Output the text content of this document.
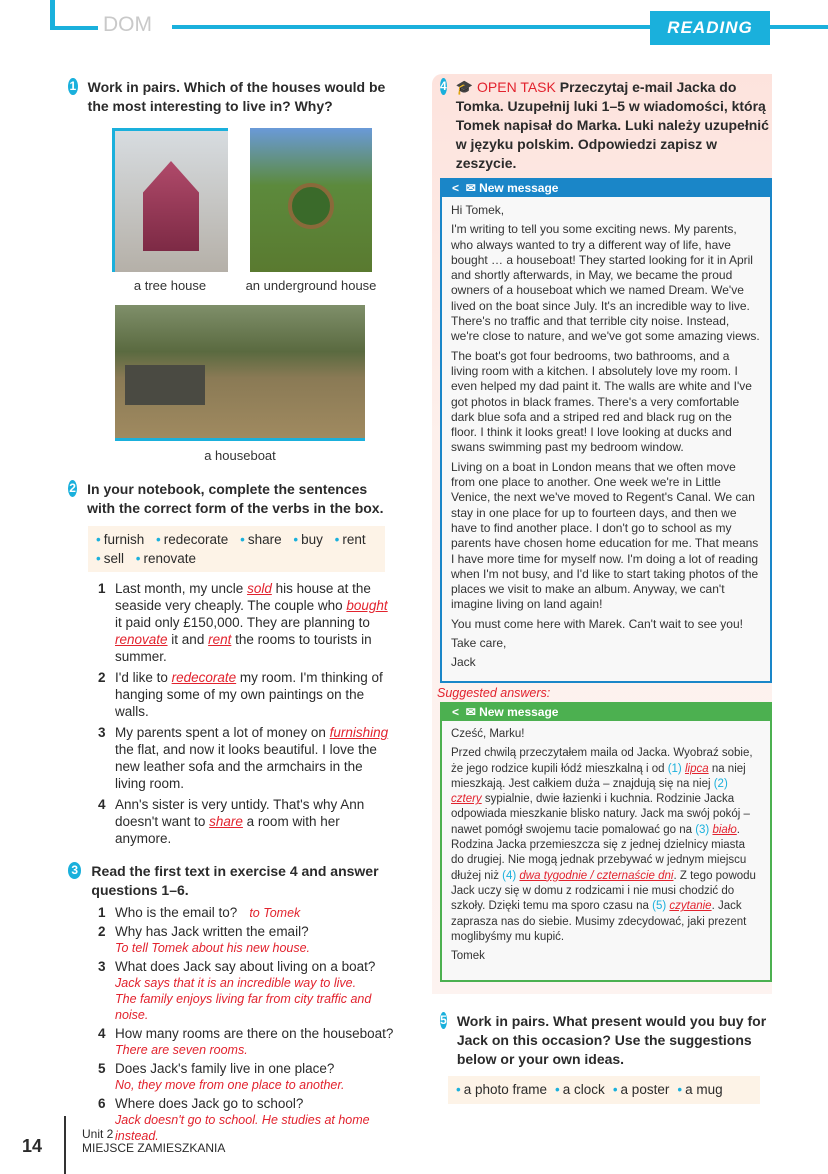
DOM	READING
1 Work in pairs. Which of the houses would be the most interesting to live in? Why?
a tree house	an underground house
a houseboat
2 In your notebook, complete the sentences with the correct form of the verbs in the box.
• furnish • redecorate • share • buy • rent • sell • renovate
1 Last month, my uncle sold his house at the seaside very cheaply. The couple who bought it paid only £150,000. They are planning to renovate it and rent the rooms to tourists in summer.
2 I'd like to redecorate my room. I'm thinking of hanging some of my own paintings on the walls.
3 My parents spent a lot of money on furnishing the flat, and now it looks beautiful. I love the new leather sofa and the armchairs in the living room.
4 Ann's sister is very untidy. That's why Ann doesn't want to share a room with her anymore.
3 Read the first text in exercise 4 and answer questions 1–6.
1 Who is the email to? to Tomek
2 Why has Jack written the email?
To tell Tomek about his new house.
3 What does Jack say about living on a boat?
Jack says that it is an incredible way to live.
The family enjoys living far from city traffic and noise.
4 How many rooms are there on the houseboat?
There are seven rooms.
5 Does Jack's family live in one place?
No, they move from one place to another.
6 Where does Jack go to school?
Jack doesn't go to school. He studies at home instead.
14
Unit 2
MIEJSCE ZAMIESZKANIA
4 🎓 OPEN TASK Przeczytaj e-mail Jacka do Tomka. Uzupełnij luki 1–5 w wiadomości, którą Tomek napisał do Marka. Luki należy uzupełnić w języku polskim. Odpowiedzi zapisz w zeszycie.
< ✉ New message

Hi Tomek,

I'm writing to tell you some exciting news. My parents, who always wanted to try a different way of life, have bought … a houseboat! They started looking for it in April and shortly afterwards, in May, we became the proud owners of a houseboat which we named Dream. We've lived on the boat since July. It's an incredible way to live. There's no traffic and that terrible city noise. Instead, we're close to nature, and we've got some amazing views.

The boat's got four bedrooms, two bathrooms, and a living room with a kitchen. I absolutely love my room. I even helped my dad paint it. The walls are white and I've got photos in black frames. There's a very comfortable dark blue sofa and a striped red and black rug on the floor. I think it looks great! I love looking at ducks and swans swimming past my bedroom window.

Living on a boat in London means that we often move from one place to another. One week we're in Little Venice, the next we've moved to Regent's Canal. We can stay in one place for up to fourteen days, and then we have to find another place. I don't go to school as my parents have chosen home education for me. That means I have more time for myself now. I'm doing a lot of reading when I'm not busy, and I'd like to start taking photos of the places we visit to make an album. Anyway, we can't imagine living on land again!

You must come here with Marek. Can't wait to see you!

Take care,

Jack

Suggested answers:
< ✉ New message

Cześć, Marku!

Przed chwilą przeczytałem maila od Jacka. Wyobraź sobie, że jego rodzice kupili łódź mieszkalną i od (1) lipca na niej mieszkają. Jest całkiem duża – znajdują się na niej (2) cztery sypialnie, dwie łazienki i kuchnia. Rodzinie Jacka odpowiada mieszkanie blisko natury. Jack ma swój pokój – nawet pomógł swojemu tacie pomalować go na (3) biało. Rodzina Jacka przemieszcza się z jednej dzielnicy miasta do drugiej. Nie mogą jednak przebywać w jednym miejscu dłużej niż (4) dwa tygodnie / czternaście dni. Z tego powodu Jack uczy się w domu z rodzicami i nie musi chodzić do szkoły. Dzięki temu ma sporo czasu na (5) czytanie. Jack zaprasza nas do siebie. Musimy zdecydować, jaki prezent moglibyśmy mu kupić.

Tomek

5 Work in pairs. What present would you buy for Jack on this occasion? Use the suggestions below or your own ideas.
• a photo frame • a clock • a poster • a mug
